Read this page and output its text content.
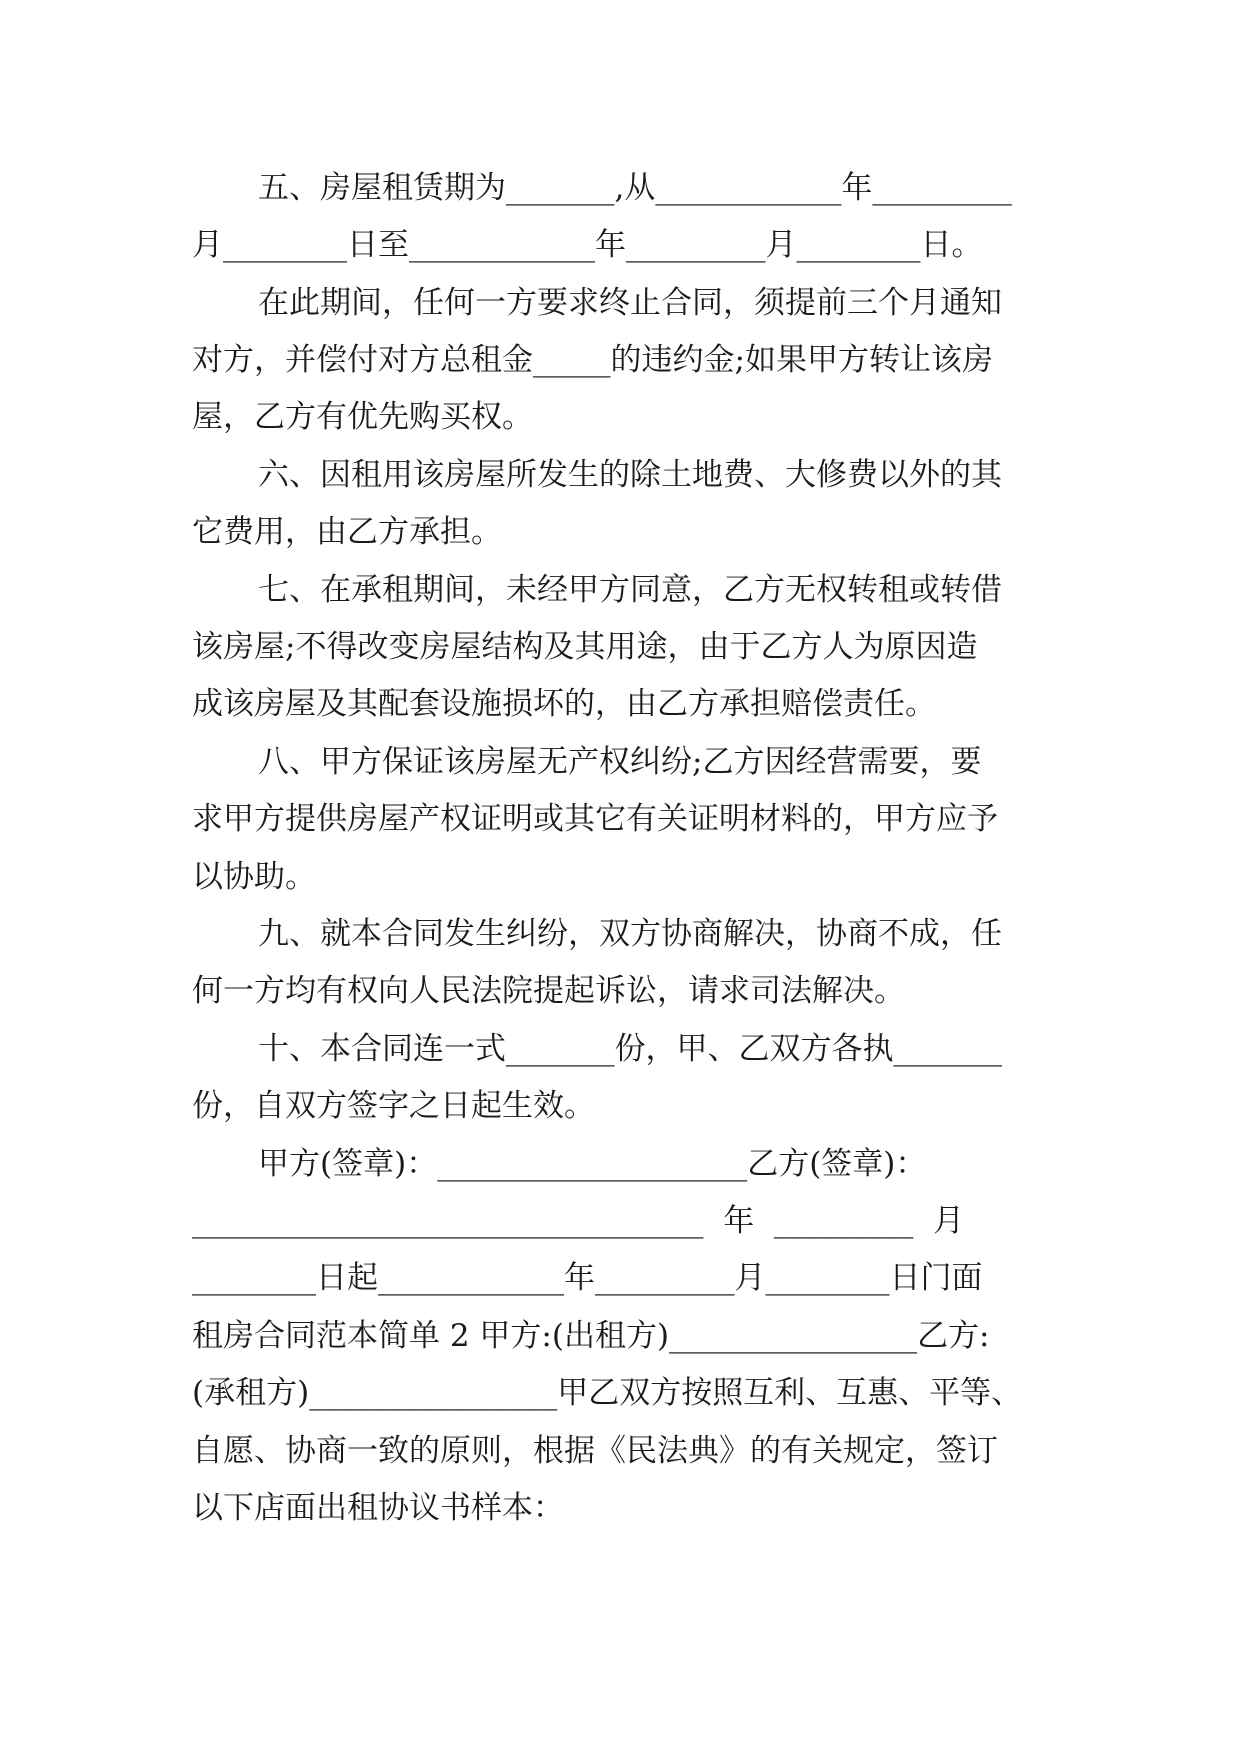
五、房屋租赁期为_______,从____________年_________
月________日至____________年_________月________日。
在此期间，任何一方要求终止合同，须提前三个月通知
对方，并偿付对方总租金_____的违约金;如果甲方转让该房
屋，乙方有优先购买权。
六、因租用该房屋所发生的除土地费、大修费以外的其
它费用，由乙方承担。
七、在承租期间，未经甲方同意，乙方无权转租或转借
该房屋;不得改变房屋结构及其用途，由于乙方人为原因造
成该房屋及其配套设施损坏的，由乙方承担赔偿责任。
八、甲方保证该房屋无产权纠纷;乙方因经营需要，要
求甲方提供房屋产权证明或其它有关证明材料的，甲方应予
以协助。
九、就本合同发生纠纷，双方协商解决，协商不成，任
何一方均有权向人民法院提起诉讼，请求司法解决。
十、本合同连一式_______份，甲、乙双方各执_______
份，自双方签字之日起生效。
甲方(签章)：____________________乙方(签章)：
_________________________________  年  _________  月
________日起____________年_________月________日门面
租房合同范本简单 2 甲方:(出租方)________________乙方:
(承租方)________________甲乙双方按照互利、互惠、平等、
自愿、协商一致的原则，根据《民法典》的有关规定，签订
以下店面出租协议书样本：
